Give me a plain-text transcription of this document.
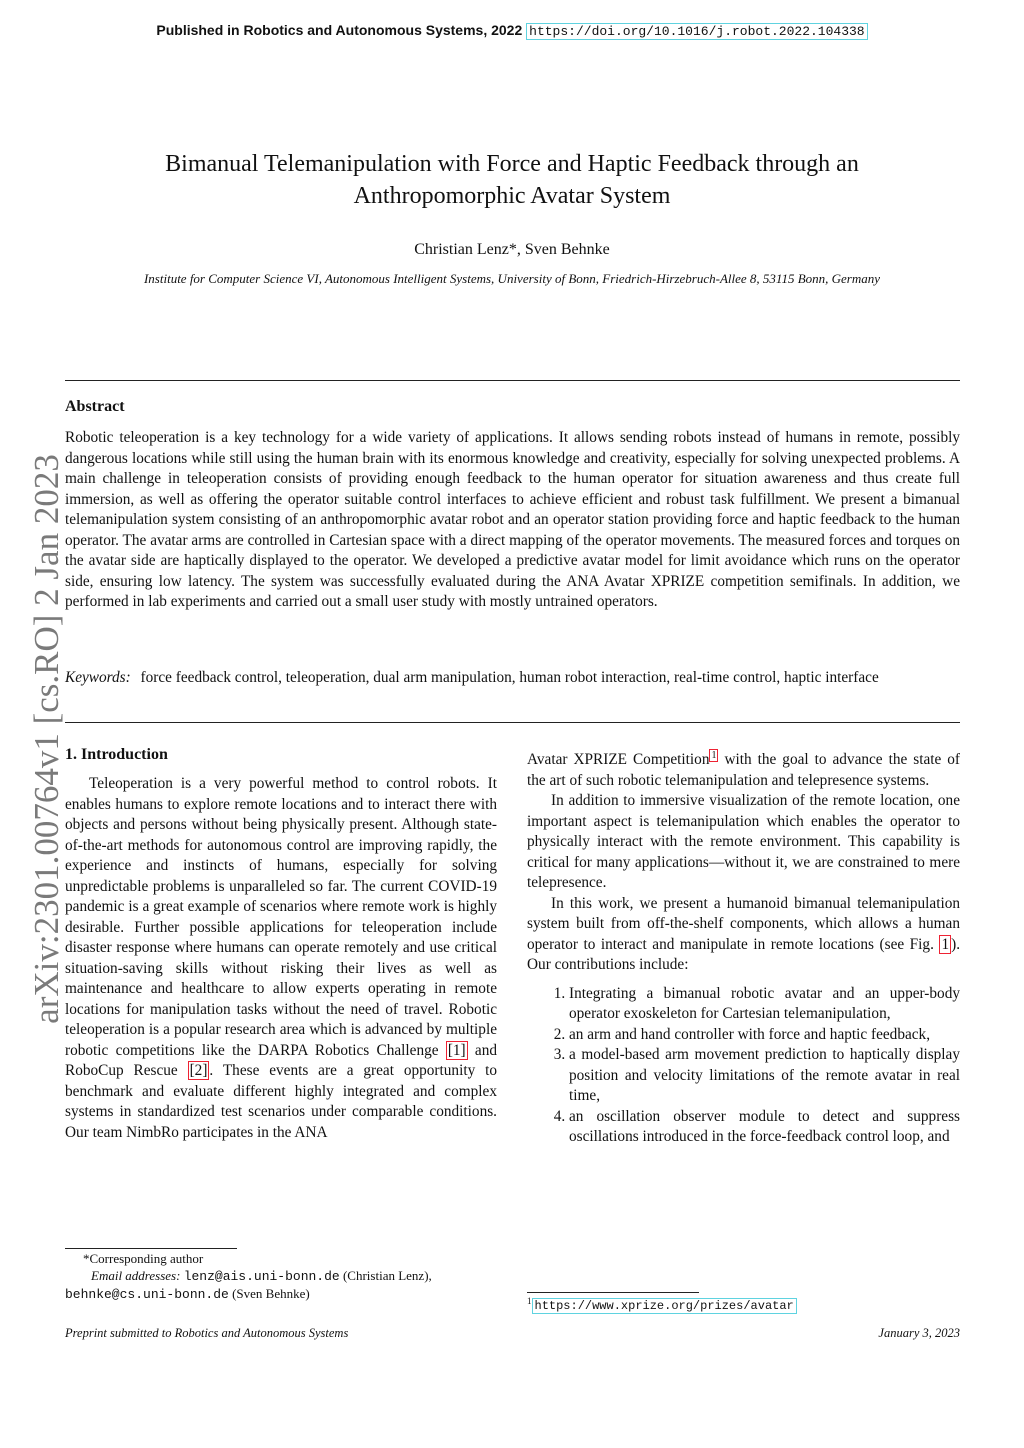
Published in Robotics and Autonomous Systems, 2022 https://doi.org/10.1016/j.robot.2022.104338
arXiv:2301.00764v1 [cs.RO] 2 Jan 2023
Bimanual Telemanipulation with Force and Haptic Feedback through an
Anthropomorphic Avatar System
Christian Lenz*, Sven Behnke
Institute for Computer Science VI, Autonomous Intelligent Systems, University of Bonn, Friedrich-Hirzebruch-Allee 8, 53115 Bonn, Germany
Abstract
Robotic teleoperation is a key technology for a wide variety of applications. It allows sending robots instead of humans in remote, possibly dangerous locations while still using the human brain with its enormous knowledge and creativity, especially for solving unexpected problems. A main challenge in teleoperation consists of providing enough feedback to the human operator for situation awareness and thus create full immersion, as well as offering the operator suitable control interfaces to achieve efficient and robust task fulfillment. We present a bimanual telemanipulation system consisting of an anthropomorphic avatar robot and an operator station providing force and haptic feedback to the human operator. The avatar arms are controlled in Cartesian space with a direct mapping of the operator movements. The measured forces and torques on the avatar side are haptically displayed to the operator. We developed a predictive avatar model for limit avoidance which runs on the operator side, ensuring low latency. The system was successfully evaluated during the ANA Avatar XPRIZE competition semifinals. In addition, we performed in lab experiments and carried out a small user study with mostly untrained operators.
Keywords: force feedback control, teleoperation, dual arm manipulation, human robot interaction, real-time control, haptic interface
1. Introduction

Teleoperation is a very powerful method to control robots. It enables humans to explore remote locations and to interact there with objects and persons without being physically present. Although state-of-the-art methods for autonomous control are improving rapidly, the experience and instincts of humans, especially for solving unpredictable problems is unparalleled so far. The current COVID-19 pandemic is a great example of scenarios where remote work is highly desirable. Further possible applications for teleoperation include disaster response where humans can operate remotely and use critical situation-saving skills without risking their lives as well as maintenance and healthcare to allow experts operating in remote locations for manipulation tasks without the need of travel. Robotic teleoperation is a popular research area which is advanced by multiple robotic competitions like the DARPA Robotics Challenge [1] and RoboCup Rescue [2] . These events are a great opportunity to benchmark and evaluate different highly integrated and complex systems in standardized test scenarios under comparable conditions. Our team NimbRo participates in the ANA

Avatar XPRIZE Competition $^1$ with the goal to advance the state of the art of such robotic telemanipulation and telepresence systems.

In addition to immersive visualization of the remote location, one important aspect is telemanipulation which enables the operator to physically interact with the remote environment. This capability is critical for many applications—without it, we are constrained to mere telepresence.

In this work, we present a humanoid bimanual telemanipulation system built from off-the-shelf components, which allows a human operator to interact and manipulate in remote locations (see Fig. 1 ). Our contributions include:

1. Integrating a bimanual robotic avatar and an upper-body operator exoskeleton for Cartesian telemanipulation,
2. an arm and hand controller with force and haptic feedback,
3. a model-based arm movement prediction to haptically display position and velocity limitations of the remote avatar in real time,
4. an oscillation observer module to detect and suppress oscillations introduced in the force-feedback control loop, and
*Corresponding author
Email addresses: lenz@ais.uni-bonn.de (Christian Lenz),
behnke@cs.uni-bonn.de (Sven Behnke)	$^1$ https://www.xprize.org/prizes/avatar
Preprint submitted to Robotics and Autonomous Systems	January 3, 2023
